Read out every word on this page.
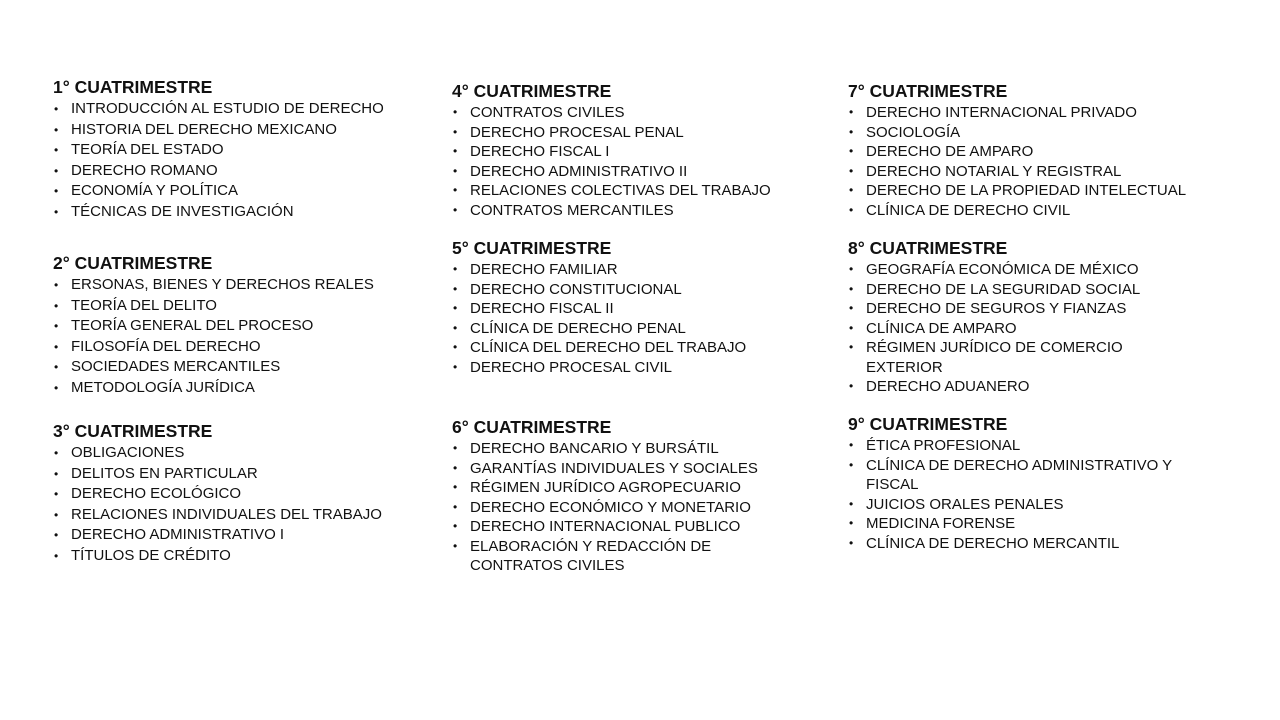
1° CUATRIMESTRE
• INTRODUCCIÓN AL ESTUDIO DE DERECHO
• HISTORIA DEL DERECHO MEXICANO
• TEORÍA DEL ESTADO
• DERECHO ROMANO
• ECONOMÍA Y POLÍTICA
• TÉCNICAS DE INVESTIGACIÓN
2° CUATRIMESTRE
• ERSONAS, BIENES Y DERECHOS REALES
• TEORÍA DEL DELITO
• TEORÍA GENERAL DEL PROCESO
• FILOSOFÍA DEL DERECHO
• SOCIEDADES MERCANTILES
• METODOLOGÍA JURÍDICA
3° CUATRIMESTRE
• OBLIGACIONES
• DELITOS EN PARTICULAR
• DERECHO ECOLÓGICO
• RELACIONES INDIVIDUALES DEL TRABAJO
• DERECHO ADMINISTRATIVO I
• TÍTULOS DE CRÉDITO
4° CUATRIMESTRE
• CONTRATOS CIVILES
• DERECHO PROCESAL PENAL
• DERECHO FISCAL I
• DERECHO ADMINISTRATIVO II
• RELACIONES COLECTIVAS DEL TRABAJO
• CONTRATOS MERCANTILES
5° CUATRIMESTRE
• DERECHO FAMILIAR
• DERECHO CONSTITUCIONAL
• DERECHO FISCAL II
• CLÍNICA DE DERECHO PENAL
• CLÍNICA DEL DERECHO DEL TRABAJO
• DERECHO PROCESAL CIVIL
6° CUATRIMESTRE
• DERECHO BANCARIO Y BURSÁTIL
• GARANTÍAS INDIVIDUALES Y SOCIALES
• RÉGIMEN JURÍDICO AGROPECUARIO
• DERECHO ECONÓMICO Y MONETARIO
• DERECHO INTERNACIONAL PUBLICO
• ELABORACIÓN Y REDACCIÓN DE
CONTRATOS CIVILES
7° CUATRIMESTRE
• DERECHO INTERNACIONAL PRIVADO
• SOCIOLOGÍA
• DERECHO DE AMPARO
• DERECHO NOTARIAL Y REGISTRAL
• DERECHO DE LA PROPIEDAD INTELECTUAL
• CLÍNICA DE DERECHO CIVIL
8° CUATRIMESTRE
• GEOGRAFÍA ECONÓMICA DE MÉXICO
• DERECHO DE LA SEGURIDAD SOCIAL
• DERECHO DE SEGUROS Y FIANZAS
• CLÍNICA DE AMPARO
• RÉGIMEN JURÍDICO DE COMERCIO
EXTERIOR
• DERECHO ADUANERO
9° CUATRIMESTRE
• ÉTICA PROFESIONAL
• CLÍNICA DE DERECHO ADMINISTRATIVO Y
FISCAL
• JUICIOS ORALES PENALES
• MEDICINA FORENSE
• CLÍNICA DE DERECHO MERCANTIL
